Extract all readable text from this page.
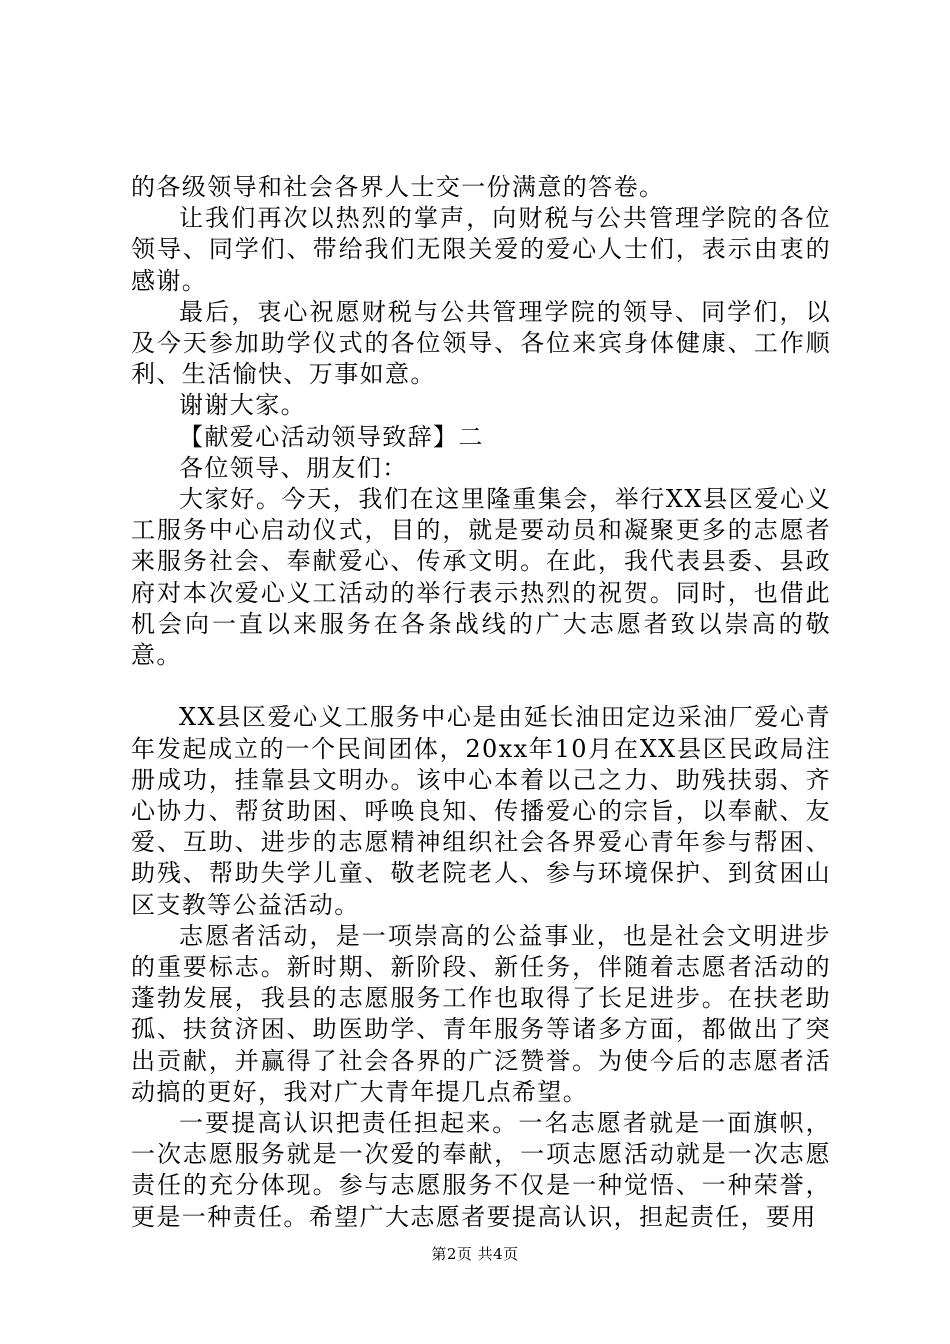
的各级领导和社会各界人士交一份满意的答卷。

让我们再次以热烈的掌声，向财税与公共管理学院的各位领导、同学们、带给我们无限关爱的爱心人士们，表示由衷的感谢。

最后，衷心祝愿财税与公共管理学院的领导、同学们，以及今天参加助学仪式的各位领导、各位来宾身体健康、工作顺利、生活愉快、万事如意。

谢谢大家。

【献爱心活动领导致辞】二

各位领导、朋友们：

大家好。今天，我们在这里隆重集会，举行XX县区爱心义工服务中心启动仪式，目的，就是要动员和凝聚更多的志愿者来服务社会、奉献爱心、传承文明。在此，我代表县委、县政府对本次爱心义工活动的举行表示热烈的祝贺。同时，也借此机会向一直以来服务在各条战线的广大志愿者致以崇高的敬意。

XX县区爱心义工服务中心是由延长油田定边采油厂爱心青年发起成立的一个民间团体，20xx年10月在XX县区民政局注册成功，挂靠县文明办。该中心本着以己之力、助残扶弱、齐心协力、帮贫助困、呼唤良知、传播爱心的宗旨，以奉献、友爱、互助、进步的志愿精神组织社会各界爱心青年参与帮困、助残、帮助失学儿童、敬老院老人、参与环境保护、到贫困山区支教等公益活动。

志愿者活动，是一项崇高的公益事业，也是社会文明进步的重要标志。新时期、新阶段、新任务，伴随着志愿者活动的蓬勃发展，我县的志愿服务工作也取得了长足进步。在扶老助孤、扶贫济困、助医助学、青年服务等诸多方面，都做出了突出贡献，并赢得了社会各界的广泛赞誉。为使今后的志愿者活动搞的更好，我对广大青年提几点希望。

一要提高认识把责任担起来。一名志愿者就是一面旗帜，一次志愿服务就是一次爱的奉献，一项志愿活动就是一次志愿责任的充分体现。参与志愿服务不仅是一种觉悟、一种荣誉，更是一种责任。希望广大志愿者要提高认识，担起责任，要用

第2页 共4页
